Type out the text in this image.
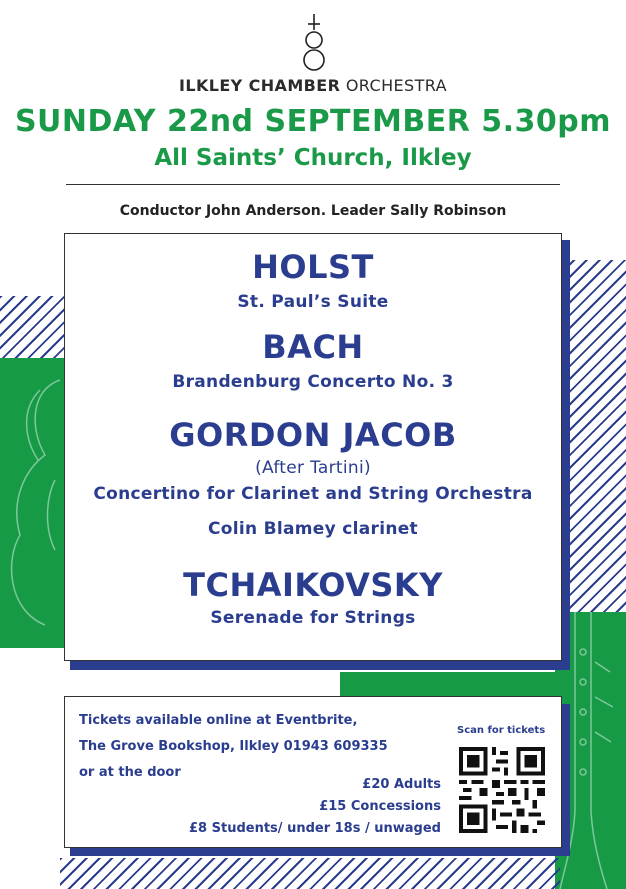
ILKLEY CHAMBER ORCHESTRA
SUNDAY 22nd SEPTEMBER 5.30pm
All Saints’ Church, Ilkley
Conductor John Anderson. Leader Sally Robinson
HOLST
St. Paul’s Suite
BACH
Brandenburg Concerto No. 3
GORDON JACOB
(After Tartini)
Concertino for Clarinet and String Orchestra
Colin Blamey clarinet
TCHAIKOVSKY
Serenade for Strings
Tickets available online at Eventbrite,
The Grove Bookshop, Ilkley 01943 609335
or at the door
Scan for tickets
£20 Adults
£15 Concessions
£8 Students/ under 18s / unwaged
